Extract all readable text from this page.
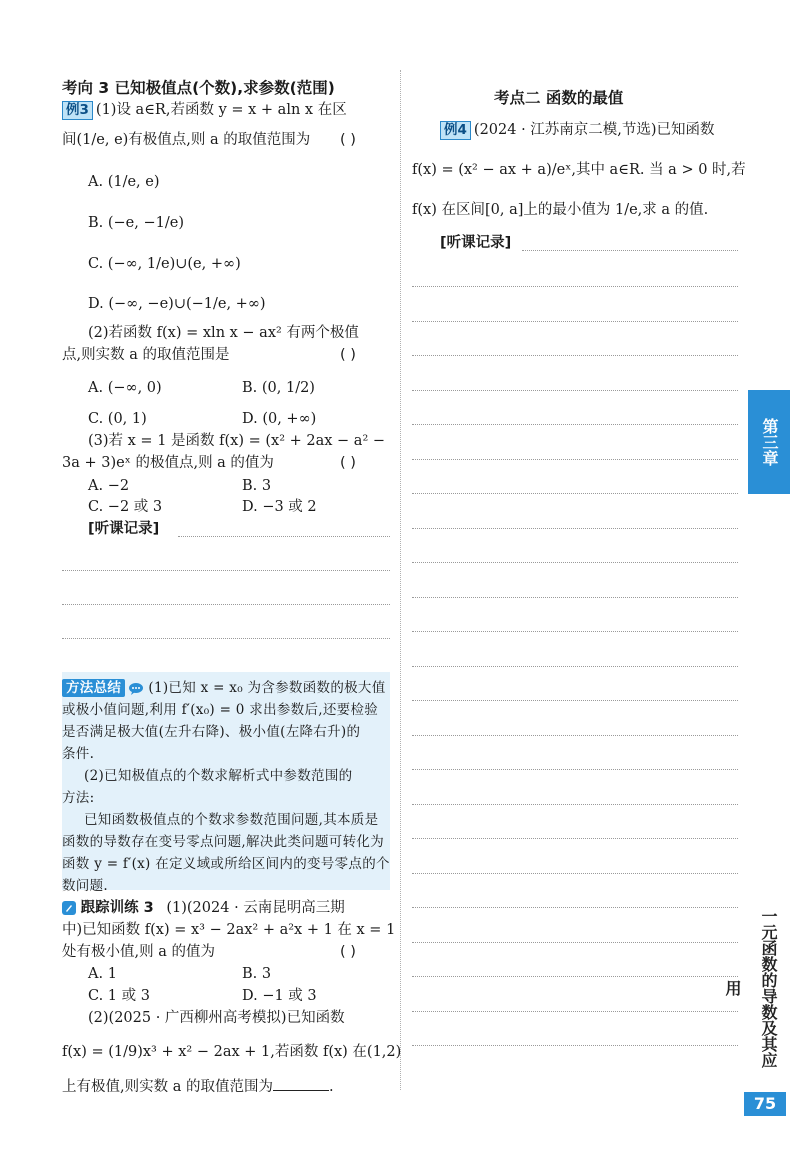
考向 3 已知极值点(个数),求参数(范围)
例3 (1)设 a∈R,若函数 y = x + aln x 在区
间(1/e, e)有极值点,则 a 的取值范围为 ( )
A. (1/e, e)
B. (−e, −1/e)
C. (−∞, 1/e)∪(e, +∞)
D. (−∞, −e)∪(−1/e, +∞)
(2)若函数 f(x) = xln x − ax² 有两个极值
点,则实数 a 的取值范围是	( )
A. (−∞, 0)	B. (0, 1/2)
C. (0, 1)	D. (0, +∞)
(3)若 x = 1 是函数 f(x) = (x² + 2ax − a² −
3a + 3)eˣ 的极值点,则 a 的值为	( )
A. −2	B. 3
C. −2 或 3	D. −3 或 2
[听课记录]
方法总结 (1)已知 x = x₀ 为含参数函数的极大值
或极小值问题,利用 f′(x₀) = 0 求出参数后,还要检验
是否满足极大值(左升右降)、极小值(左降右升)的
条件.
(2)已知极值点的个数求解析式中参数范围的
方法:
已知函数极值点的个数求参数范围问题,其本质是
函数的导数存在变号零点问题,解决此类问题可转化为
函数 y = f′(x) 在定义域或所给区间内的变号零点的个
数问题.
跟踪训练 3 (1)(2024 · 云南昆明高三期
中)已知函数 f(x) = x³ − 2ax² + a²x + 1 在 x = 1
处有极小值,则 a 的值为	( )
A. 1	B. 3
C. 1 或 3	D. −1 或 3
(2)(2025 · 广西柳州高考模拟)已知函数
f(x) = (1/9)x³ + x² − 2ax + 1,若函数 f(x) 在(1,2)
上有极值,则实数 a 的取值范围为	.
考点二 函数的最值
例4 (2024 · 江苏南京二模,节选)已知函数
f(x) = (x² − ax + a)/eˣ,其中 a∈R. 当 a > 0 时,若
f(x) 在区间[0, a]上的最小值为 1/e,求 a 的值.
[听课记录]
第三章
一元函数的导数及其应用
75
